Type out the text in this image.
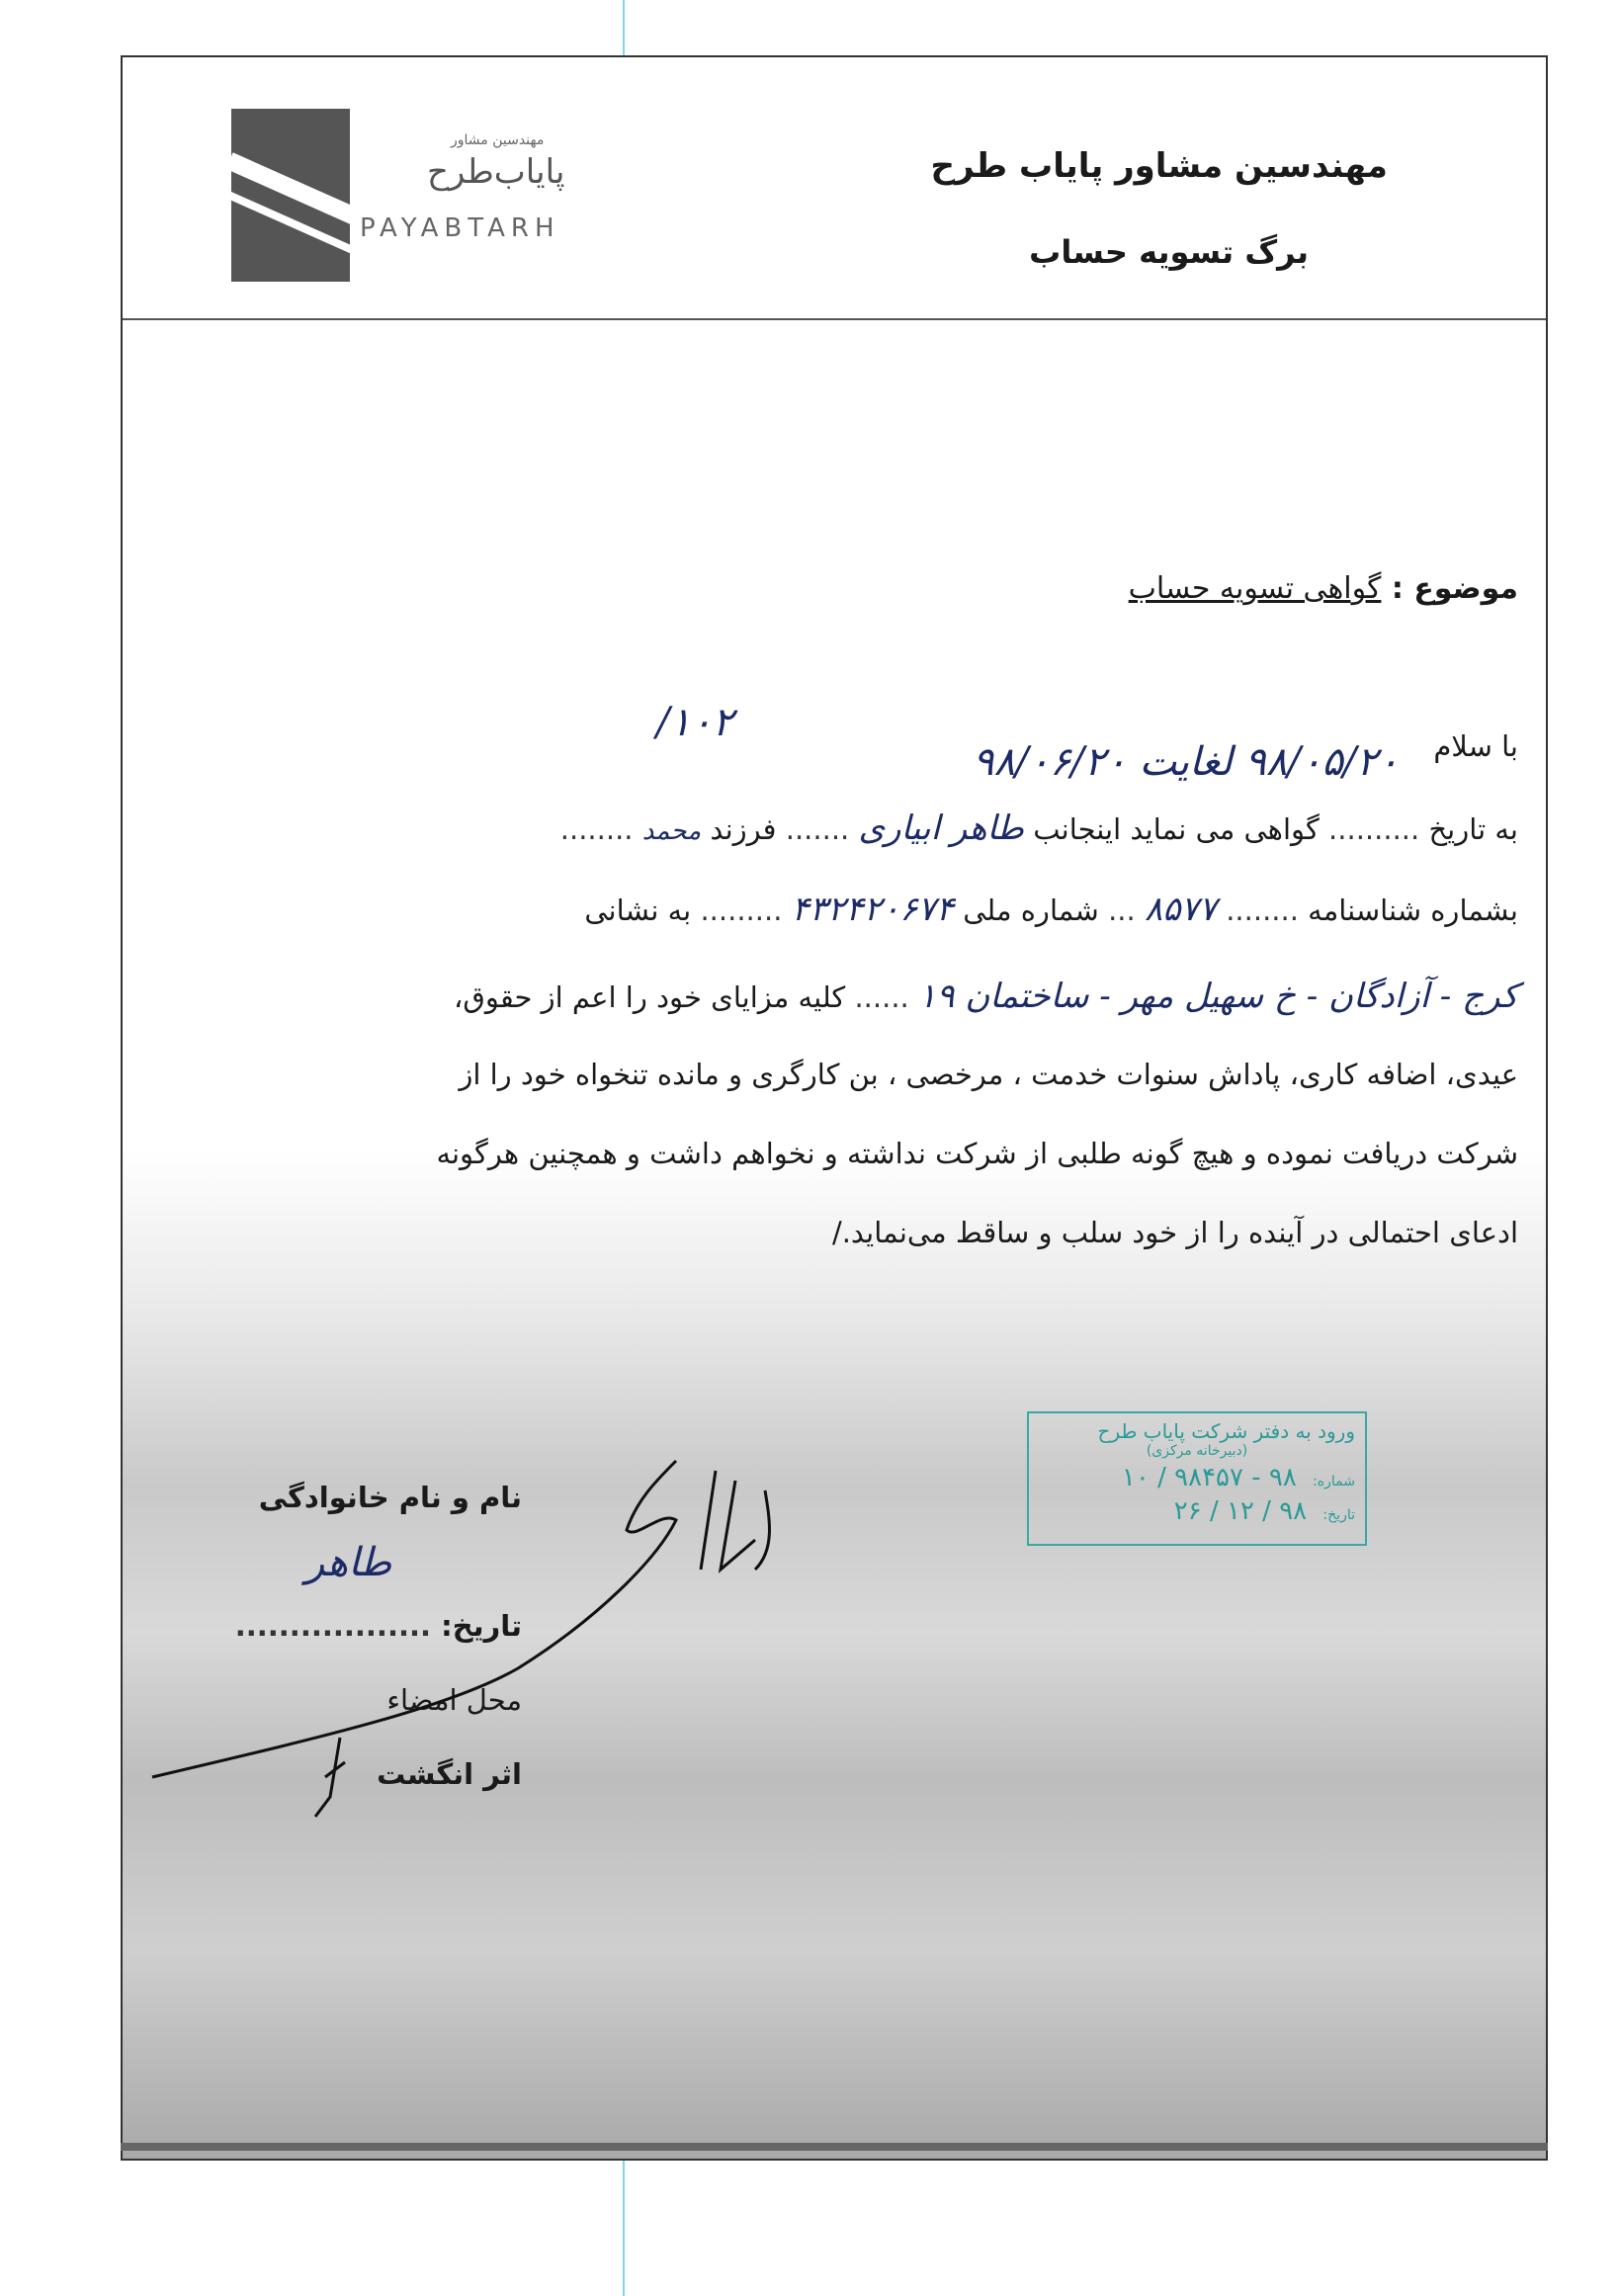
مهندسین مشاور
پایاب‌طرح
PAYABTARH
مهندسین مشاور پایاب طرح
برگ تسویه حساب
موضوع : گواهی تسویه حساب
۱۰۲/
۹۸/۰۵/۲۰ لغایت ۹۸/۰۶/۲۰ با سلام
به تاریخ .......... گواهی می نماید اینجانب طاهر ابیاری ....... فرزند محمد ........
بشماره شناسنامه ........ ۸۵۷۷ ... شماره ملی ۴۳۲۴۲۰۶۷۴ ......... به نشانی
کرج - آزادگان - خ سهیل مهر - ساختمان ۱۹ ...... کلیه مزایای خود را اعم از حقوق،
عیدی، اضافه کاری، پاداش سنوات خدمت ، مرخصی ، بن کارگری و مانده تنخواه خود را از
شرکت دریافت نموده و هیچ گونه طلبی از شرکت نداشته و نخواهم داشت و همچنین هرگونه
ادعای احتمالی در آینده را از خود سلب و ساقط می‌نماید./
ورود به دفتر شرکت پایاب طرح
(دبیرخانه مرکزی)
شماره: ۹۸ - ۹۸۴۵۷ / ۱۰
تاریخ: ۹۸ / ۱۲ / ۲۶
نام و نام خانوادگی
طاهر
تاریخ: ..................
محل امضاء
اثر انگشت
